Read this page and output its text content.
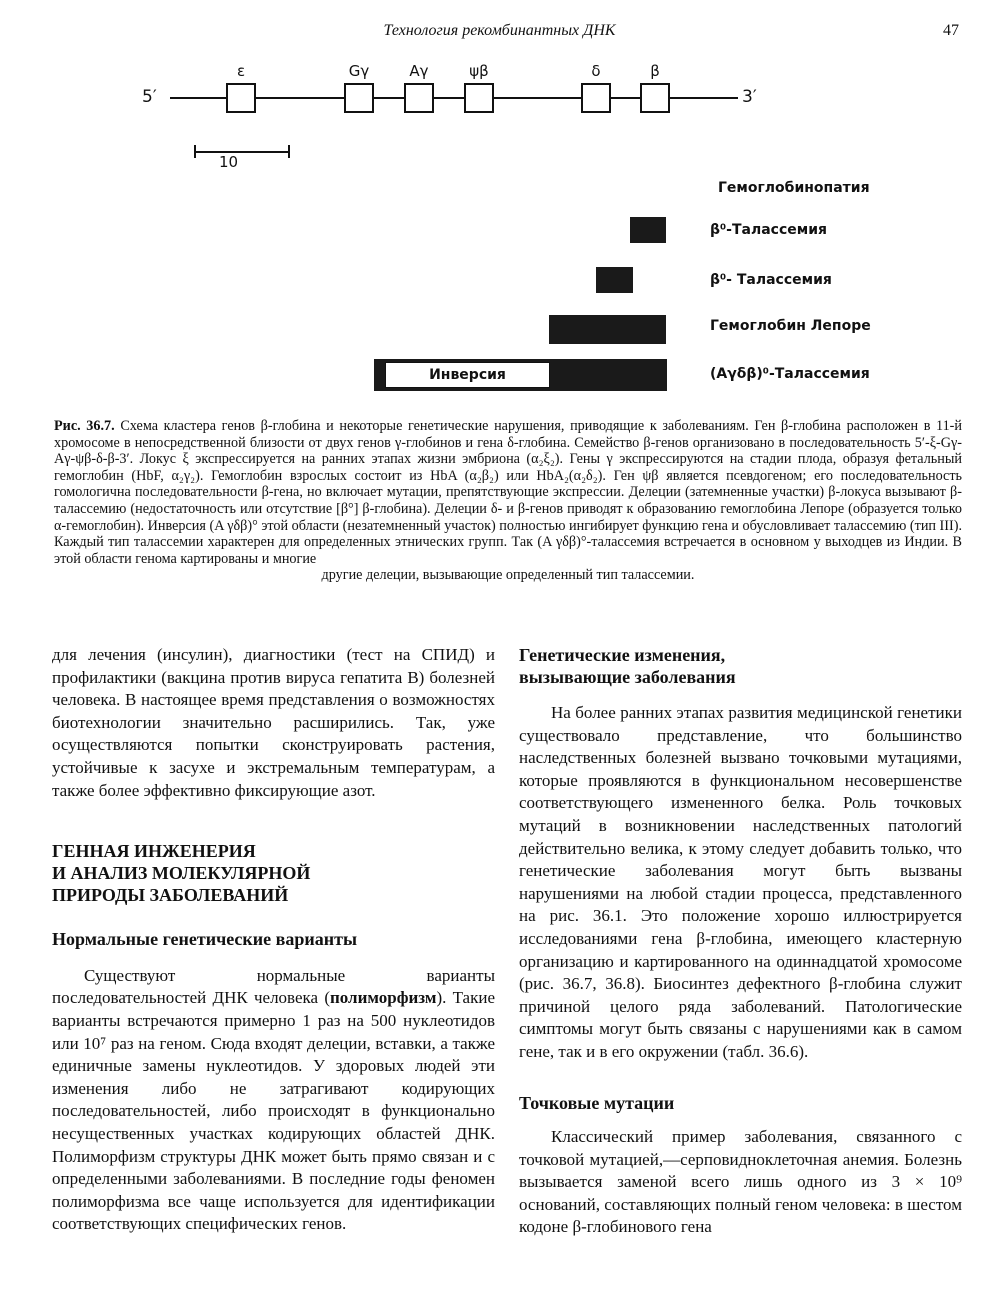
Технология рекомбинантных ДНК	47
5′	3′
ε	Gγ	Aγ	ψβ	δ	β
10
Гемоглобинопатия
β⁰-Талассемия
β⁰- Талассемия
Гемоглобин Лепоре
Инверсия	(Aγδβ)⁰-Талассемия
Рис. 36.7. Схема кластера генов β-глобина и некоторые генетические нарушения, приводящие к заболеваниям. Ген β-глобина расположен в 11-й хромосоме в непосредственной близости от двух генов γ-глобинов и гена δ-глобина. Семейство β-генов организовано в последовательность 5′-ξ-Gγ-Aγ-ψβ-δ-β-3′. Локус ξ экспрессируется на ранних этапах жизни эмбриона (α₂ξ₂). Гены γ экспрессируются на стадии плода, образуя фетальный гемоглобин (HbF, α₂γ₂). Гемоглобин взрослых состоит из HbA (α₂β₂) или HbA₂(α₂δ₂). Ген ψβ является псевдогеном; его последовательность гомологична последовательности β-гена, но включает мутации, препятствующие экспрессии. Делеции (затемненные участки) β-локуса вызывают β-талассемию (недостаточность или отсутствие [β°] β-глобина). Делеции δ- и β-генов приводят к образованию гемоглобина Лепоре (образуется только α-гемоглобин). Инверсия (A γδβ)° этой области (незатемненный участок) полностью ингибирует функцию гена и обусловливает талассемию (тип III). Каждый тип талассемии характерен для определенных этнических групп. Так (A γδβ)°-талассемия встречается в основном у выходцев из Индии. В этой области генома картированы и многие
другие делеции, вызывающие определенный тип талассемии.

для лечения (инсулин), диагностики (тест на СПИД) и профилактики (вакцина против вируса гепатита В) болезней человека. В настоящее время представления о возможностях биотехнологии значительно расширились. Так, уже осуществляются попытки сконструировать растения, устойчивые к засухе и экстремальным температурам, а также более эффективно фиксирующие азот.

ГЕННАЯ ИНЖЕНЕРИЯ
И АНАЛИЗ МОЛЕКУЛЯРНОЙ
ПРИРОДЫ ЗАБОЛЕВАНИЙ
Нормальные генетические варианты

Существуют нормальные варианты последовательностей ДНК человека (полиморфизм). Такие варианты встречаются примерно 1 раз на 500 нуклеотидов или 10⁷ раз на геном. Сюда входят делеции, вставки, а также единичные замены нуклеотидов. У здоровых людей эти изменения либо не затрагивают кодирующих последовательностей, либо происходят в функционально несущественных участках кодирующих областей ДНК. Полиморфизм структуры ДНК может быть прямо связан и с определенными заболеваниями. В последние годы феномен полиморфизма все чаще используется для идентификации соответствующих специфических генов.

Генетические изменения,
вызывающие заболевания

На более ранних этапах развития медицинской генетики существовало представление, что большинство наследственных болезней вызвано точковыми мутациями, которые проявляются в функциональном несовершенстве соответствующего измененного белка. Роль точковых мутаций в возникновении наследственных патологий действительно велика, к этому следует добавить только, что генетические заболевания могут быть вызваны нарушениями на любой стадии процесса, представленного на рис. 36.1. Это положение хорошо иллюстрируется исследованиями гена β-глобина, имеющего кластерную организацию и картированного на одиннадцатой хромосоме (рис. 36.7, 36.8). Биосинтез дефектного β-глобина служит причиной целого ряда заболеваний. Патологические симптомы могут быть связаны с нарушениями как в самом гене, так и в его окружении (табл. 36.6).

Точковые мутации

Классический пример заболевания, связанного с точковой мутацией,—серповидноклеточная анемия. Болезнь вызывается заменой всего лишь одного из 3 × 10⁹ оснований, составляющих полный геном человека: в шестом кодоне β-глобинового гена
